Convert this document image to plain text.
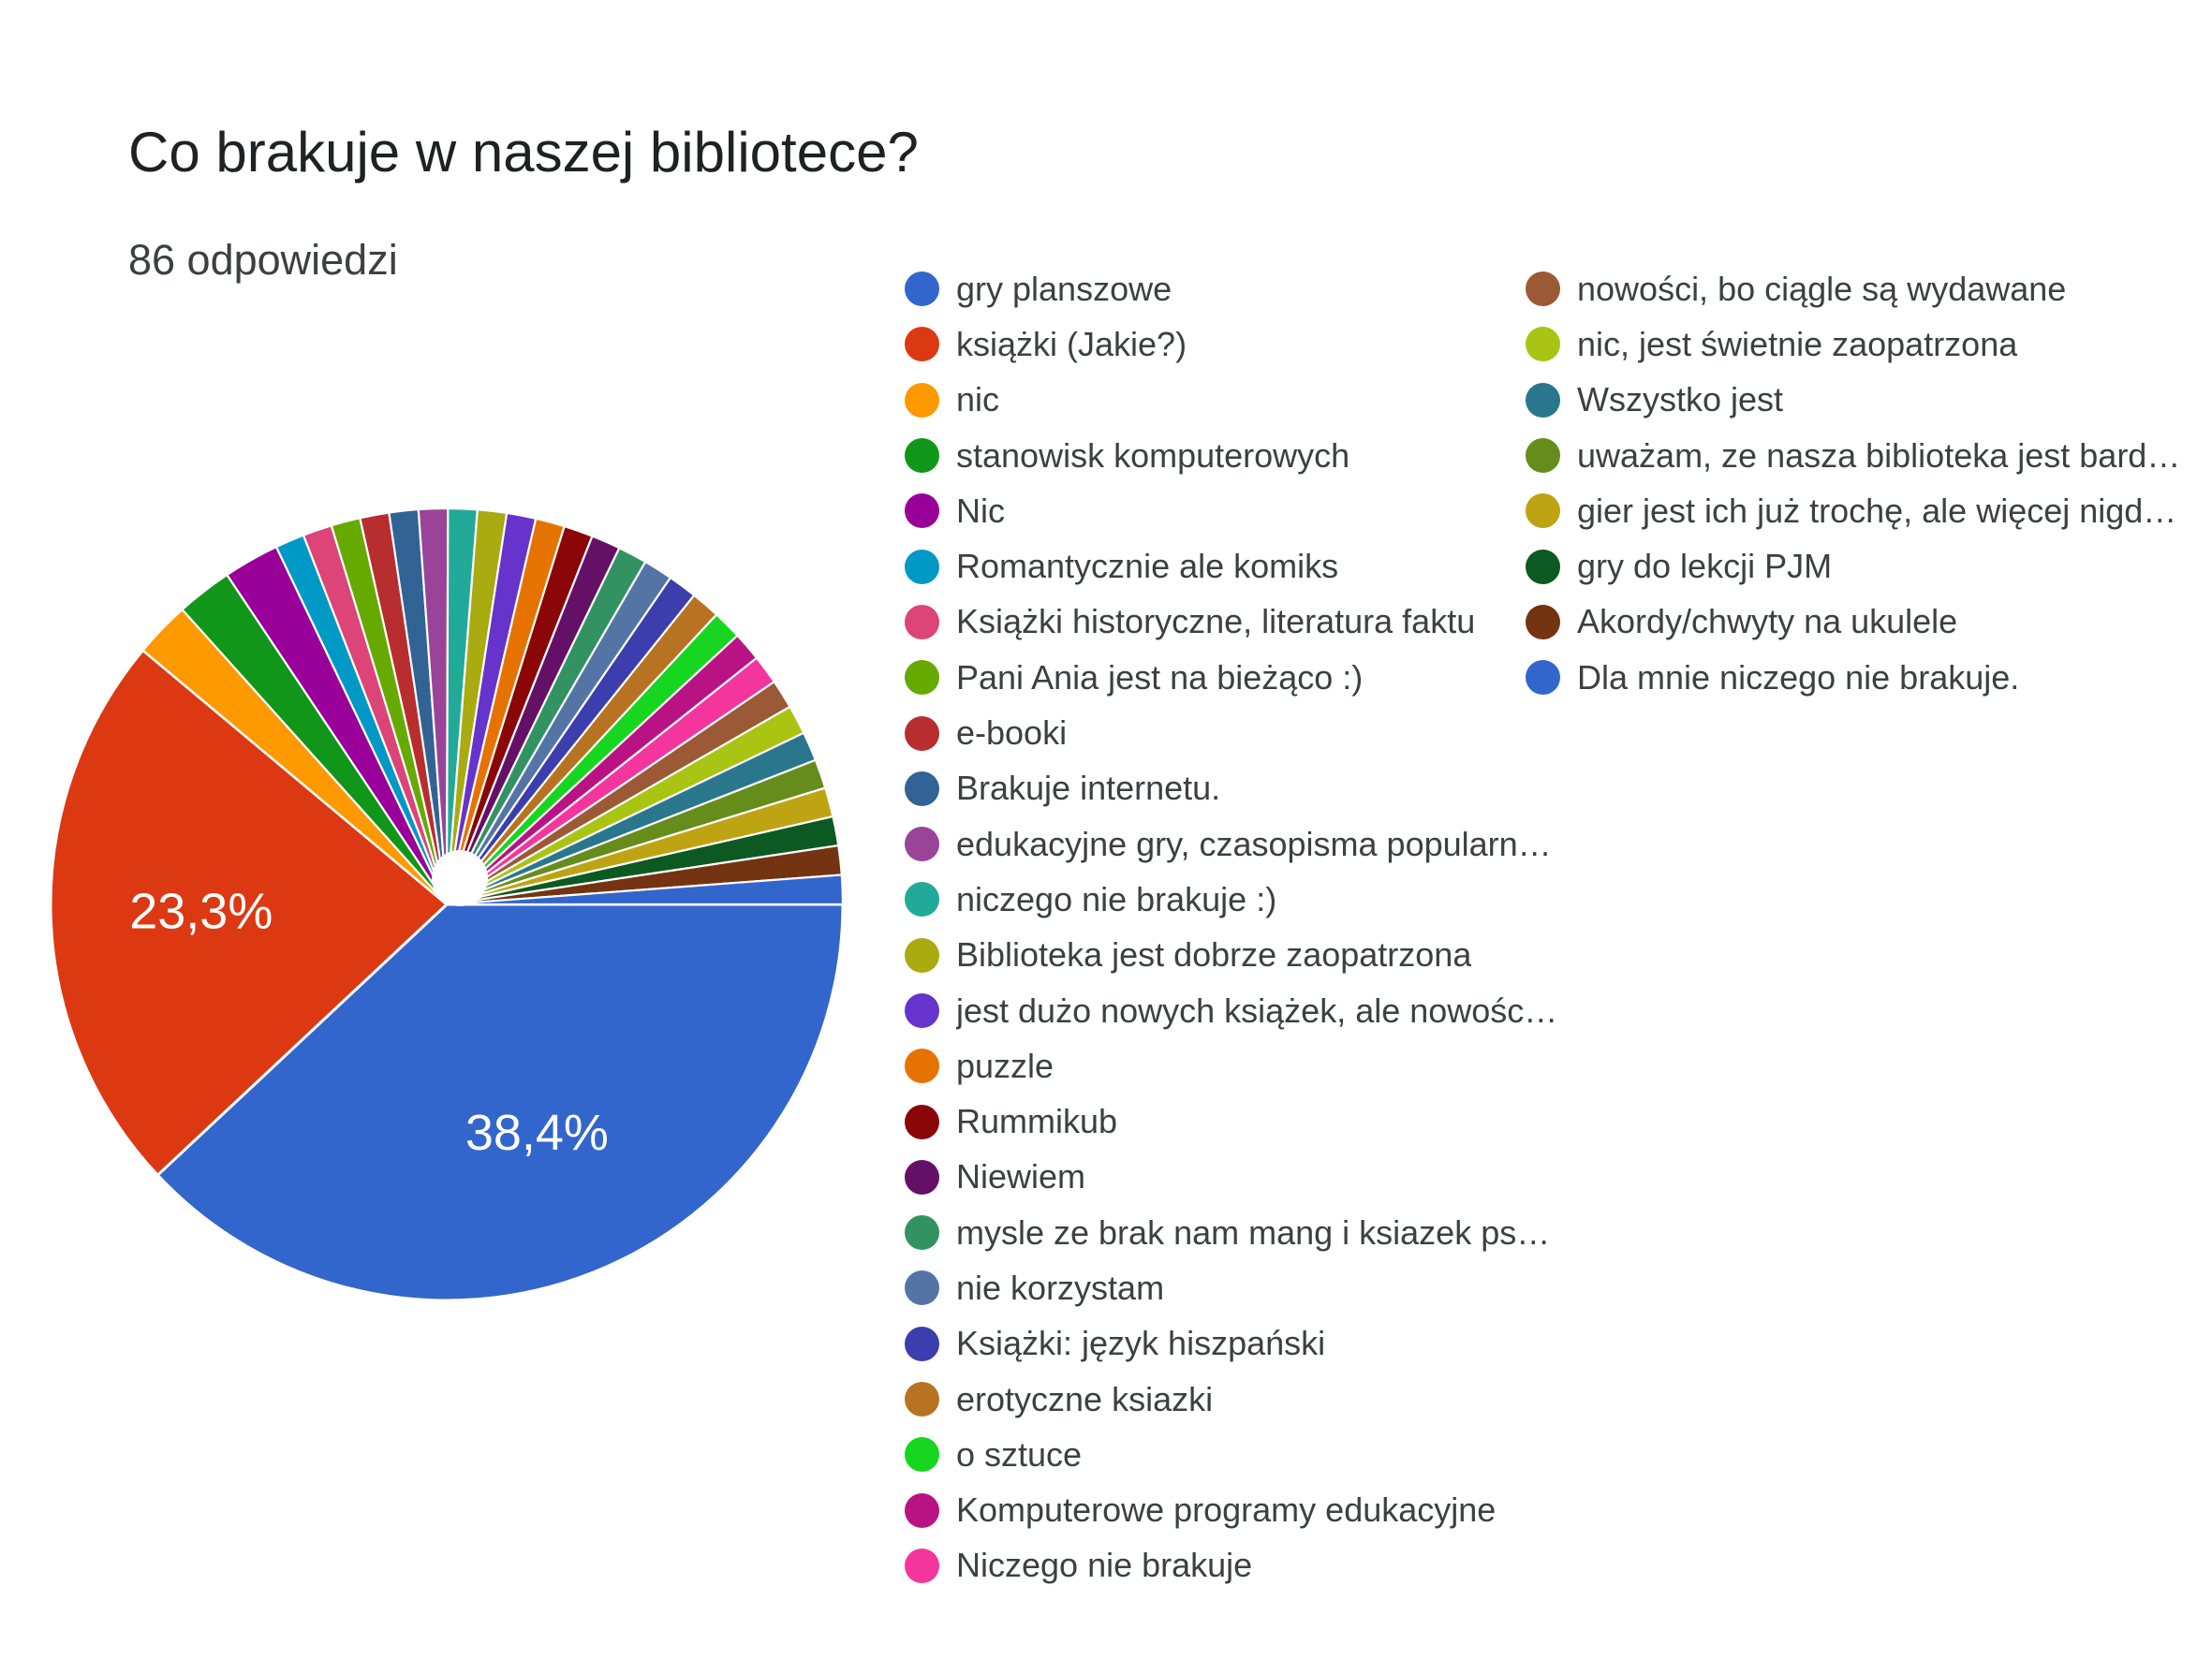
Co brakuje w naszej bibliotece?
86 odpowiedzi
38,4%
23,3%
gry planszowe
książki (Jakie?)
nic
stanowisk komputerowych
Nic
Romantycznie ale komiks
Książki historyczne, literatura faktu
Pani Ania jest na bieżąco :)
e-booki
Brakuje internetu.
edukacyjne gry, czasopisma popularn…
niczego nie brakuje :)
Biblioteka jest dobrze zaopatrzona
jest dużo nowych książek, ale nowośc…
puzzle
Rummikub
Niewiem
mysle ze brak nam mang i ksiazek ps…
nie korzystam
Książki: język hiszpański
erotyczne ksiazki
o sztuce
Komputerowe programy edukacyjne
Niczego nie brakuje
nowości, bo ciągle są wydawane
nic, jest świetnie zaopatrzona
Wszystko jest
uważam, ze nasza biblioteka jest bard…
gier jest ich już trochę, ale więcej nigd…
gry do lekcji PJM
Akordy/chwyty na ukulele
Dla mnie niczego nie brakuje.
